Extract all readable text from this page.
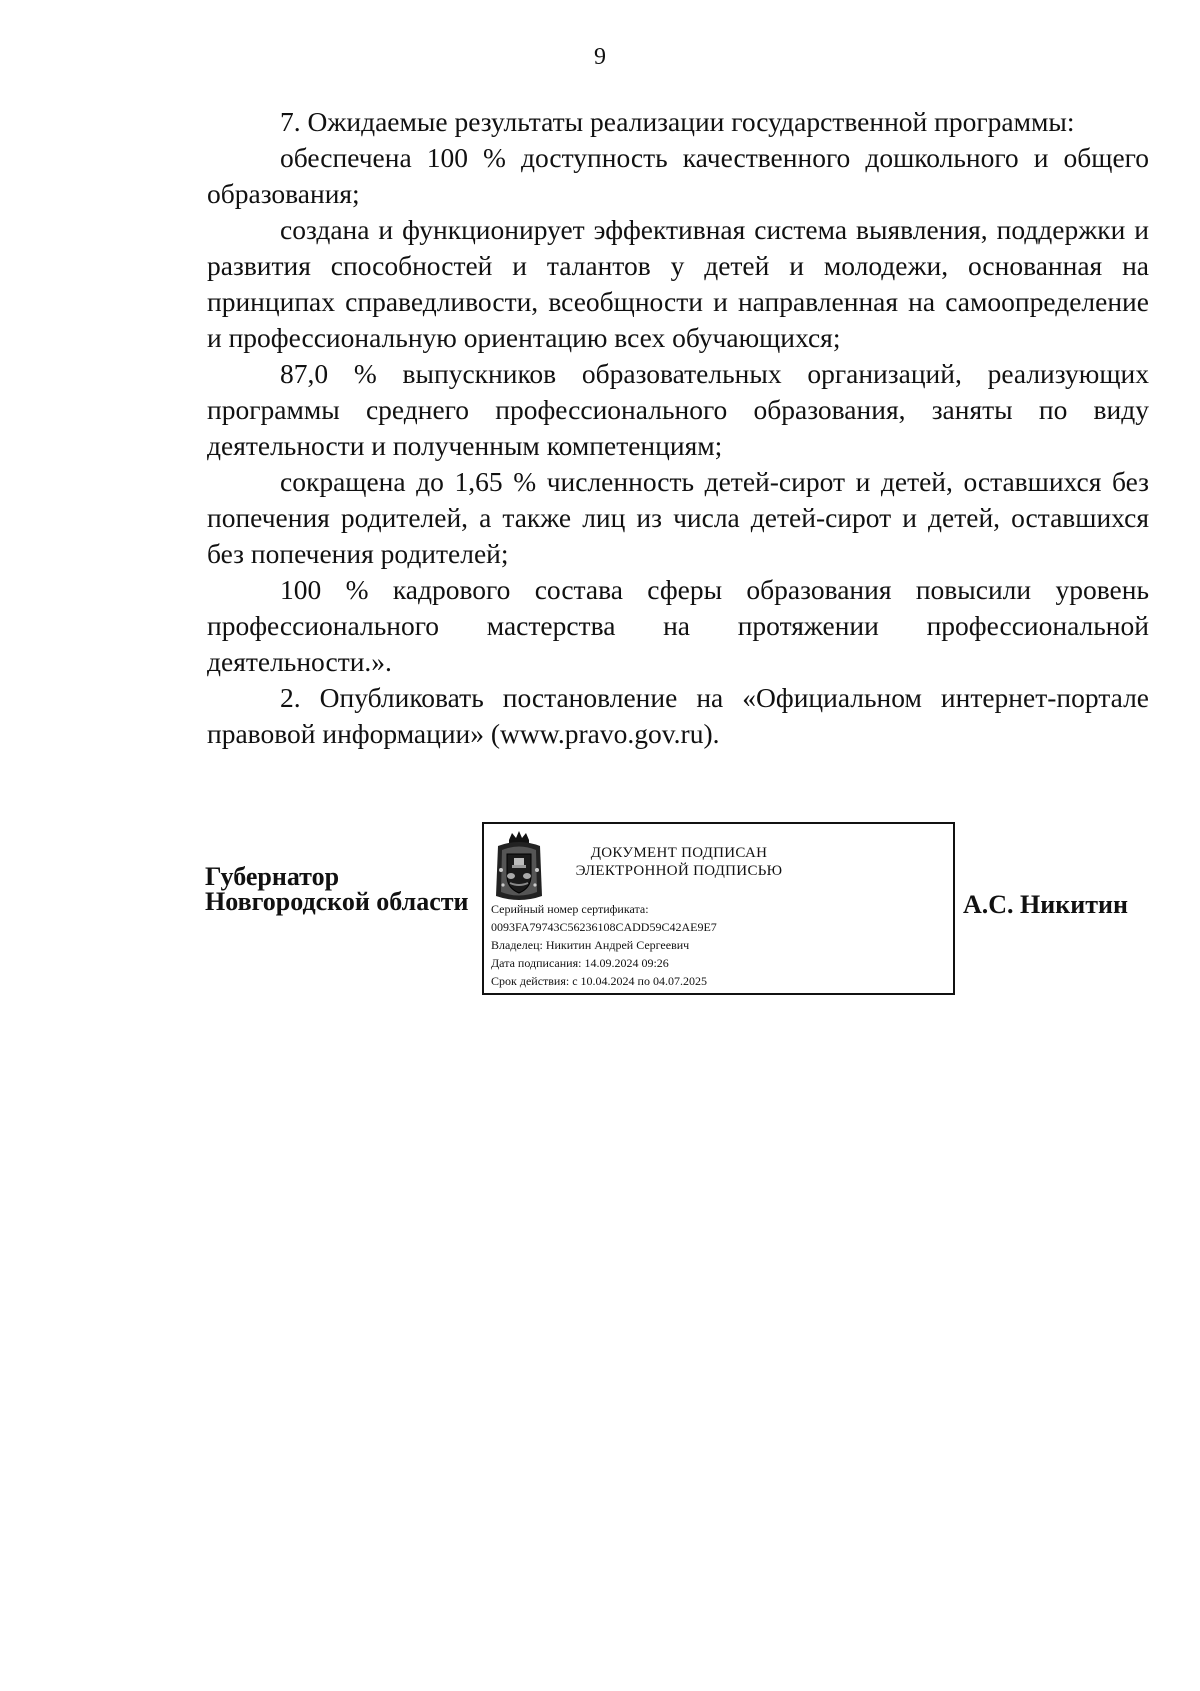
9

7. Ожидаемые результаты реализации государственной программы:

обеспечена 100 % доступность качественного дошкольного и общего образования;

создана и функционирует эффективная система выявления, поддержки и развития способностей и талантов у детей и молодежи, основанная на принципах справедливости, всеобщности и направленная на самоопределение и профессиональную ориентацию всех обучающихся;

87,0 % выпускников образовательных организаций, реализующих программы среднего профессионального образования, заняты по виду деятельности и полученным компетенциям;

сокращена до 1,65 % численность детей-сирот и детей, оставшихся без попечения родителей, а также лиц из числа детей-сирот и детей, оставшихся без попечения родителей;

100 % кадрового состава сферы образования повысили уровень профессионального мастерства на протяжении профессиональной деятельности.».

2. Опубликовать постановление на «Официальном интернет-портале правовой информации» (www.pravo.gov.ru).

Губернатор
Новгородской области
ДОКУМЕНТ ПОДПИСАН
ЭЛЕКТРОННОЙ ПОДПИСЬЮ
Серийный номер сертификата:
0093FA79743C56236108CADD59C42AE9E7
Владелец: Никитин Андрей Сергеевич
Дата подписания: 14.09.2024 09:26
Срок действия: с 10.04.2024 по 04.07.2025
А.С. Никитин
